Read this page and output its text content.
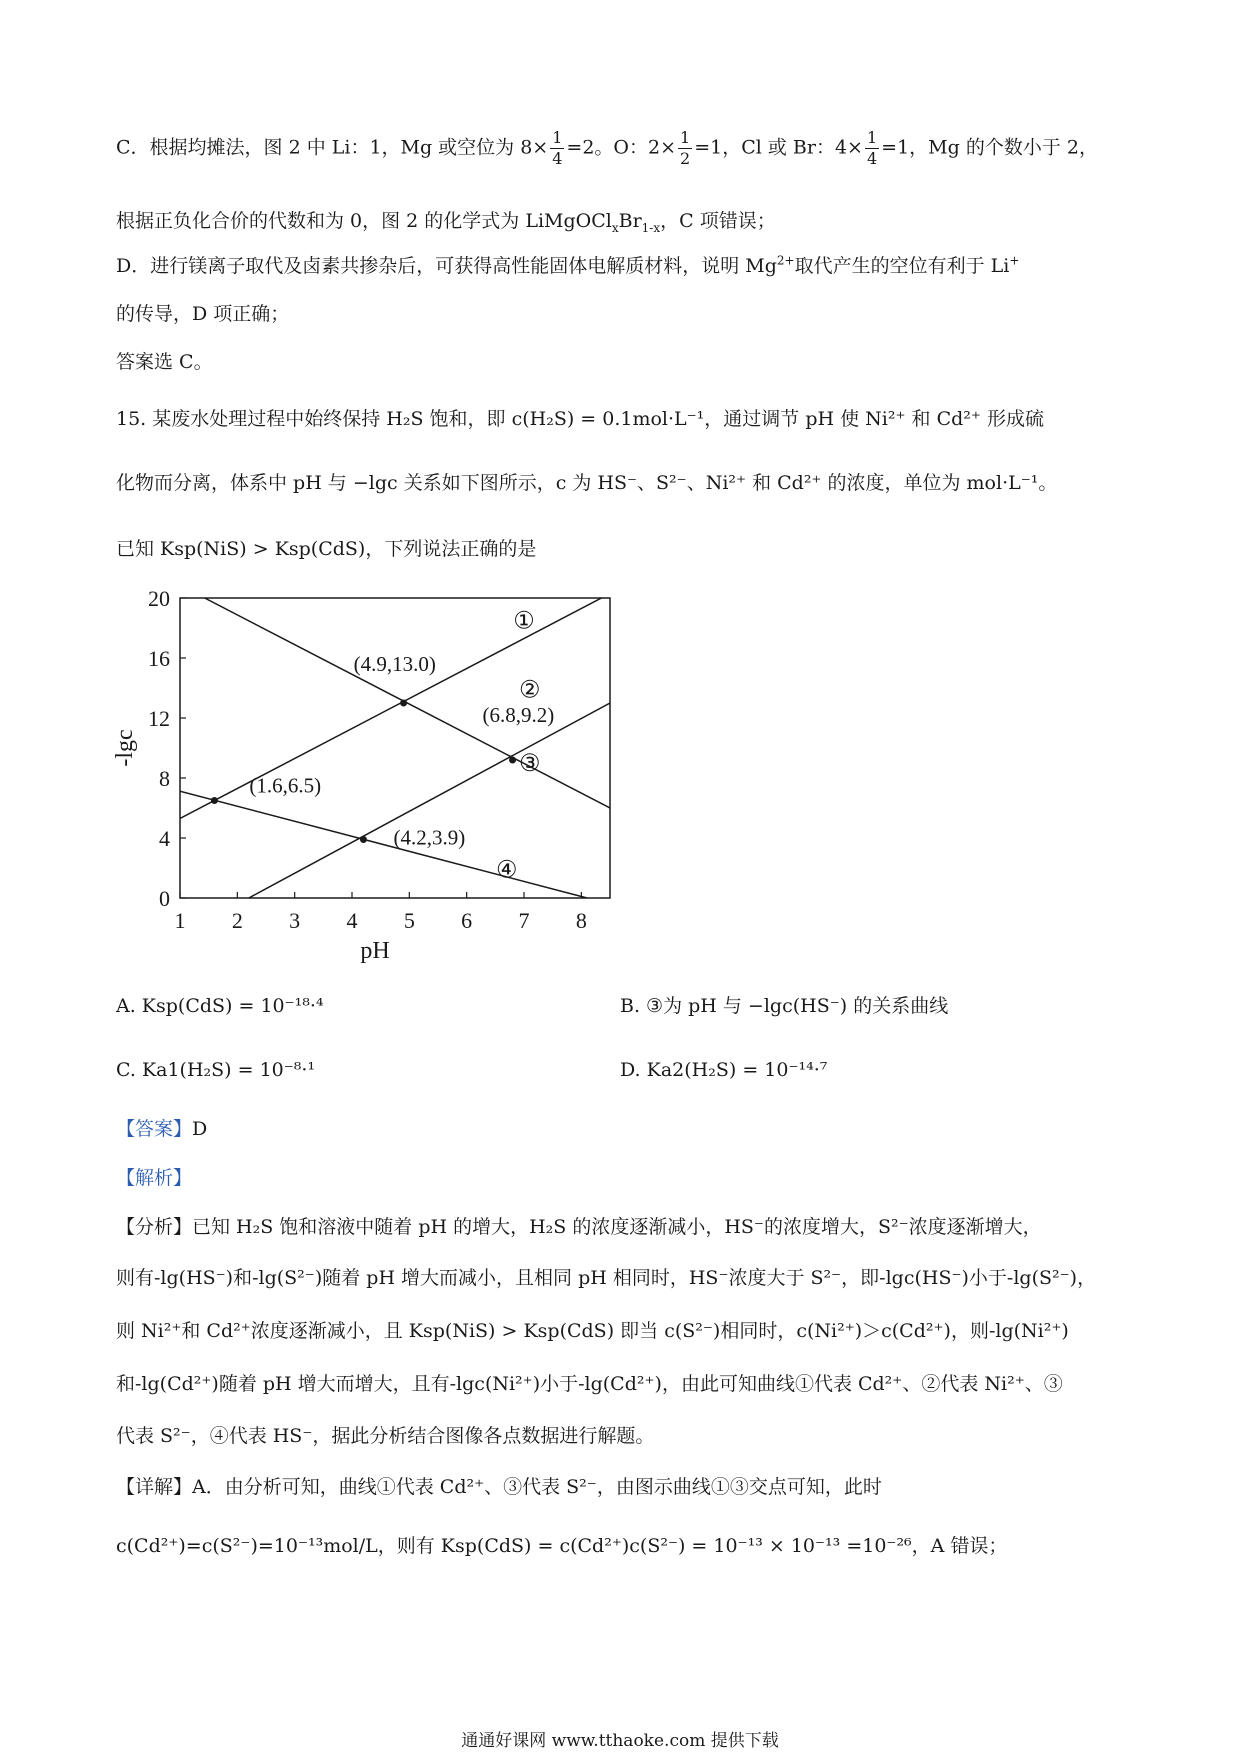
C．根据均摊法，图 2 中 Li：1，Mg 或空位为 $8\times \frac{1}{4} =2$。O：$2\times \frac{1}{2} =1$，Cl 或 Br：$4\times \frac{1}{4} =1$，Mg 的个数小于 2，
根据正负化合价的代数和为 0，图 2 的化学式为 $LiMgOCl_xBr_{1-x}$，C 项错误；
D．进行镁离子取代及卤素共掺杂后，可获得高性能固体电解质材料，说明 $Mg^{2+}$取代产生的空位有利于 Li+
的传导，D 项正确；
答案选 C。
15. 某废水处理过程中始终保持 H₂S 饱和，即 c(H₂S) = 0.1mol·L⁻¹，通过调节 pH 使 Ni²⁺ 和 Cd²⁺ 形成硫
化物而分离，体系中 pH 与 −lgc 关系如下图所示，c 为 HS⁻、S²⁻、Ni²⁺ 和 Cd²⁺ 的浓度，单位为 mol·L⁻¹。
已知 Ksp(NiS) > Ksp(CdS)，下列说法正确的是
1 2 3 4 5 6 7 8
0
4
8
12
16
20
pH
-lgc
①
②
③
④
(4.9,13.0)
(6.8,9.2)
(1.6,6.5)
(4.2,3.9)
A. Ksp(CdS) = 10⁻¹⁸·⁴	B. ③为 pH 与 −lgc(HS⁻) 的关系曲线
C. Ka1(H₂S) = 10⁻⁸·¹	D. Ka2(H₂S) = 10⁻¹⁴·⁷
【答案】D
【解析】
【分析】已知 H₂S 饱和溶液中随着 pH 的增大，H₂S 的浓度逐渐减小，HS⁻的浓度增大，S²⁻浓度逐渐增大，
则有-lg(HS⁻)和-lg(S²⁻)随着 pH 增大而减小，且相同 pH 相同时，HS⁻浓度大于 S²⁻，即-lgc(HS⁻)小于-lg(S²⁻)，
则 Ni²⁺和 Cd²⁺浓度逐渐减小，且 Ksp(NiS) > Ksp(CdS) 即当 c(S²⁻)相同时，c(Ni²⁺)＞c(Cd²⁺)，则-lg(Ni²⁺)
和-lg(Cd²⁺)随着 pH 增大而增大，且有-lgc(Ni²⁺)小于-lg(Cd²⁺)，由此可知曲线①代表 Cd²⁺、②代表 Ni²⁺、③
代表 S²⁻，④代表 HS⁻，据此分析结合图像各点数据进行解题。
【详解】A．由分析可知，曲线①代表 Cd²⁺、③代表 S²⁻，由图示曲线①③交点可知，此时
c(Cd²⁺)=c(S²⁻)=10⁻¹³mol/L，则有 Ksp(CdS) = c(Cd²⁺)c(S²⁻) = 10⁻¹³ × 10⁻¹³ =10⁻²⁶，A 错误；
通通好课网 www.tthaoke.com 提供下载
